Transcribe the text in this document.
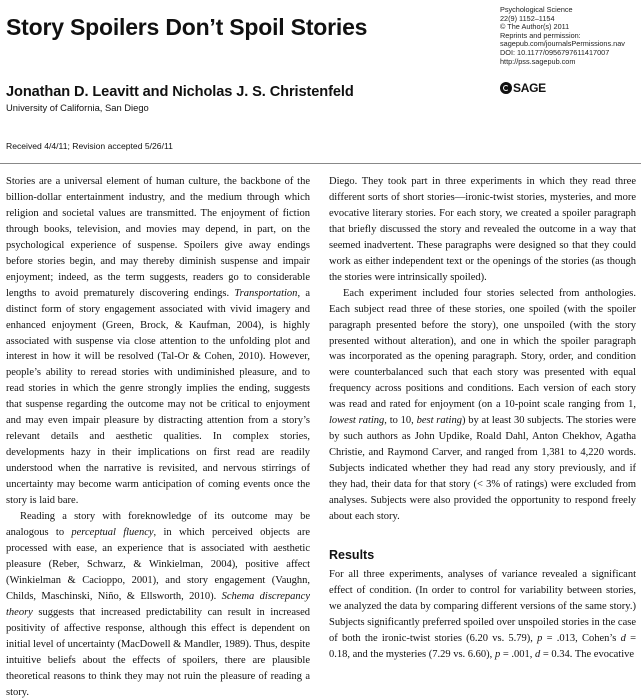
Story Spoilers Don’t Spoil Stories
Psychological Science
22(9) 1152–1154
© The Author(s) 2011
Reprints and permission:
sagepub.com/journalsPermissions.nav
DOI: 10.1177/0956797611417007
http://pss.sagepub.com
SAGE
Jonathan D. Leavitt and Nicholas J. S. Christenfeld
University of California, San Diego
Received 4/4/11; Revision accepted 5/26/11

Stories are a universal element of human culture, the backbone of the billion-dollar entertainment industry, and the medium through which religion and societal values are transmitted. The enjoyment of fiction through books, television, and movies may depend, in part, on the psychological experience of suspense. Spoilers give away endings before stories begin, and may thereby diminish suspense and impair enjoyment; indeed, as the term suggests, readers go to considerable lengths to avoid prematurely discovering endings. Transportation, a distinct form of story engagement associated with vivid imagery and enhanced enjoyment (Green, Brock, & Kaufman, 2004), is highly associated with suspense via close attention to the unfolding plot and interest in how it will be resolved (Tal-Or & Cohen, 2010). However, people’s ability to reread stories with undiminished pleasure, and to read stories in which the genre strongly implies the ending, suggests that suspense regarding the outcome may not be critical to enjoyment and may even impair pleasure by distracting attention from a story’s relevant details and aesthetic qualities. In complex stories, developments hazy in their implications on first read are readily understood when the narrative is revisited, and nervous stirrings of uncertainty may become warm anticipation of coming events once the story is laid bare.

Reading a story with foreknowledge of its outcome may be analogous to perceptual fluency, in which perceived objects are processed with ease, an experience that is associated with aesthetic pleasure (Reber, Schwarz, & Winkielman, 2004), positive affect (Winkielman & Cacioppo, 2001), and story engagement (Vaughn, Childs, Maschinski, Niño, & Ellsworth, 2010). Schema discrepancy theory suggests that increased predictability can result in increased positivity of affective response, although this effect is dependent on initial level of uncertainty (MacDowell & Mandler, 1989). Thus, despite intuitive beliefs about the effects of spoilers, there are plausible theoretical reasons to think they may not ruin the pleasure of reading a story.

Diego. They took part in three experiments in which they read three different sorts of short stories—ironic-twist stories, mysteries, and more evocative literary stories. For each story, we created a spoiler paragraph that briefly discussed the story and revealed the outcome in a way that seemed inadvertent. These paragraphs were designed so that they could work as either independent text or the openings of the stories (as though the stories were intrinsically spoiled).

Each experiment included four stories selected from anthologies. Each subject read three of these stories, one spoiled (with the spoiler paragraph presented before the story), one unspoiled (with the story presented without alteration), and one in which the spoiler paragraph was incorporated as the opening paragraph. Story, order, and condition were counterbalanced such that each story was presented with equal frequency across positions and conditions. Each version of each story was read and rated for enjoyment (on a 10-point scale ranging from 1, lowest rating, to 10, best rating) by at least 30 subjects. The stories were by such authors as John Updike, Roald Dahl, Anton Chekhov, Agatha Christie, and Raymond Carver, and ranged from 1,381 to 4,220 words. Subjects indicated whether they had read any story previously, and if they had, their data for that story (< 3% of ratings) were excluded from analyses. Subjects were also provided the opportunity to respond freely about each story.

Results

For all three experiments, analyses of variance revealed a significant effect of condition. (In order to control for variability between stories, we analyzed the data by comparing different versions of the same story.) Subjects significantly preferred spoiled over unspoiled stories in the case of both the ironic-twist stories (6.20 vs. 5.79), p = .013, Cohen’s d = 0.18, and the mysteries (7.29 vs. 6.60), p = .001, d = 0.34. The evocative
